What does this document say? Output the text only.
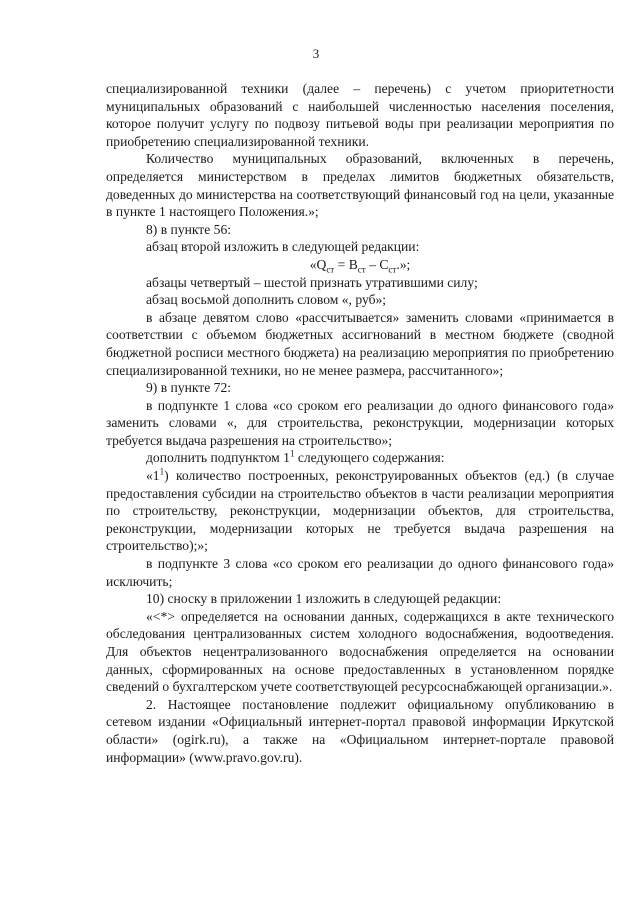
3

специализированной техники (далее – перечень) с учетом приоритетности муниципальных образований с наибольшей численностью населения поселения, которое получит услугу по подвозу питьевой воды при реализации мероприятия по приобретению специализированной техники.

Количество муниципальных образований, включенных в перечень, определяется министерством в пределах лимитов бюджетных обязательств, доведенных до министерства на соответствующий финансовый год на цели, указанные в пункте 1 настоящего Положения.»;

8) в пункте 56:

абзац второй изложить в следующей редакции:

«$Q_{ст} = B_{ст} - C_{ст}$.»;

абзацы четвертый – шестой признать утратившими силу;

абзац восьмой дополнить словом «, руб»;

в абзаце девятом слово «рассчитывается» заменить словами «принимается в соответствии с объемом бюджетных ассигнований в местном бюджете (сводной бюджетной росписи местного бюджета) на реализацию мероприятия по приобретению специализированной техники, но не менее размера, рассчитанного»;

9) в пункте 72:

в подпункте 1 слова «со сроком его реализации до одного финансового года» заменить словами «, для строительства, реконструкции, модернизации которых требуется выдача разрешения на строительство»;

дополнить подпунктом $1^1$ следующего содержания:

«$1^1$) количество построенных, реконструированных объектов (ед.) (в случае предоставления субсидии на строительство объектов в части реализации мероприятия по строительству, реконструкции, модернизации объектов, для строительства, реконструкции, модернизации которых не требуется выдача разрешения на строительство);»;

в подпункте 3 слова «со сроком его реализации до одного финансового года» исключить;

10) сноску в приложении 1 изложить в следующей редакции:

«<*> определяется на основании данных, содержащихся в акте технического обследования централизованных систем холодного водоснабжения, водоотведения. Для объектов нецентрализованного водоснабжения определяется на основании данных, сформированных на основе предоставленных в установленном порядке сведений о бухгалтерском учете соответствующей ресурсоснабжающей организации.».

2. Настоящее постановление подлежит официальному опубликованию в сетевом издании «Официальный интернет-портал правовой информации Иркутской области» (ogirk.ru), а также на «Официальном интернет-портале правовой информации» (www.pravo.gov.ru).
